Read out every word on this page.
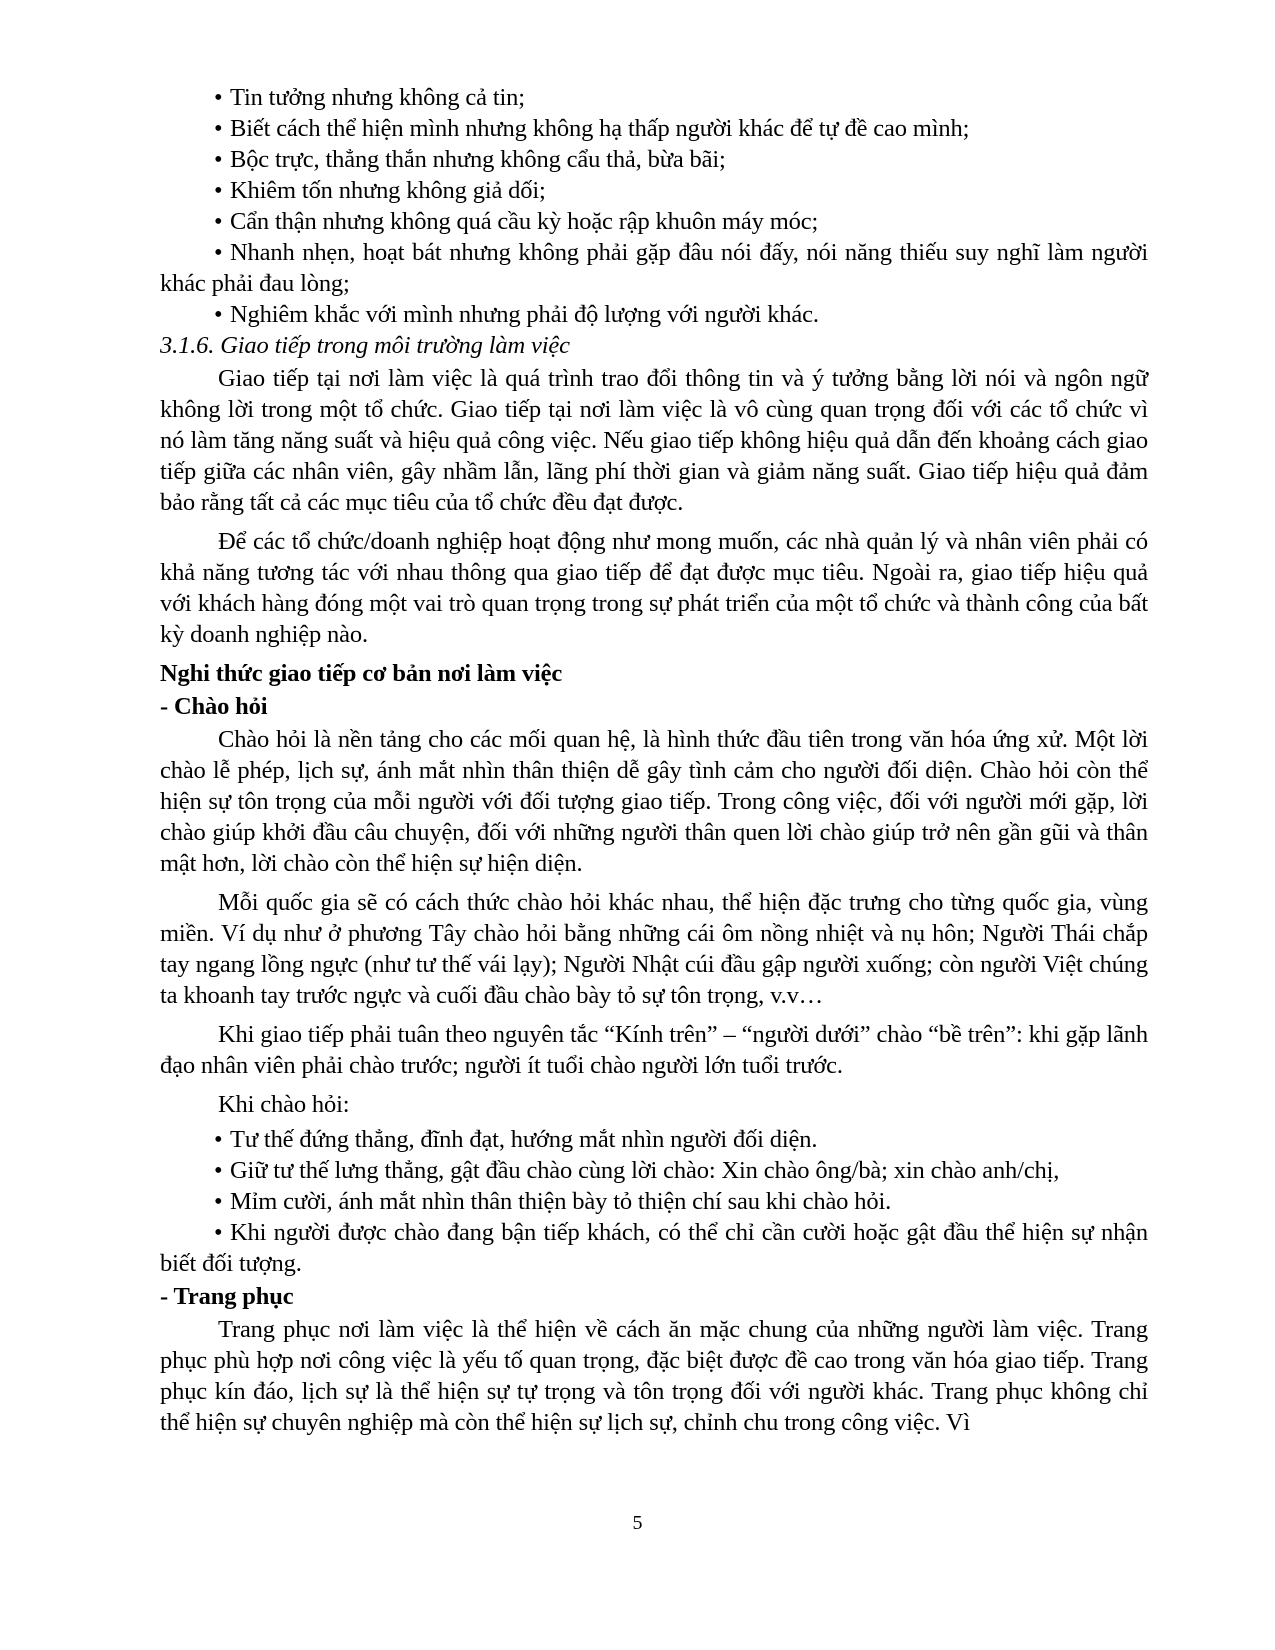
• Tin tưởng nhưng không cả tin;

• Biết cách thể hiện mình nhưng không hạ thấp người khác để tự đề cao mình;

• Bộc trực, thẳng thắn nhưng không cẩu thả, bừa bãi;

• Khiêm tốn nhưng không giả dối;

• Cẩn thận nhưng không quá cầu kỳ hoặc rập khuôn máy móc;

• Nhanh nhẹn, hoạt bát nhưng không phải gặp đâu nói đấy, nói năng thiếu suy nghĩ làm người khác phải đau lòng;

• Nghiêm khắc với mình nhưng phải độ lượng với người khác.

3.1.6. Giao tiếp trong môi trường làm việc

Giao tiếp tại nơi làm việc là quá trình trao đổi thông tin và ý tưởng bằng lời nói và ngôn ngữ không lời trong một tổ chức. Giao tiếp tại nơi làm việc là vô cùng quan trọng đối với các tổ chức vì nó làm tăng năng suất và hiệu quả công việc. Nếu giao tiếp không hiệu quả dẫn đến khoảng cách giao tiếp giữa các nhân viên, gây nhầm lẫn, lãng phí thời gian và giảm năng suất. Giao tiếp hiệu quả đảm bảo rằng tất cả các mục tiêu của tổ chức đều đạt được.

Để các tổ chức/doanh nghiệp hoạt động như mong muốn, các nhà quản lý và nhân viên phải có khả năng tương tác với nhau thông qua giao tiếp để đạt được mục tiêu. Ngoài ra, giao tiếp hiệu quả với khách hàng đóng một vai trò quan trọng trong sự phát triển của một tổ chức và thành công của bất kỳ doanh nghiệp nào.

Nghi thức giao tiếp cơ bản nơi làm việc

- Chào hỏi

Chào hỏi là nền tảng cho các mối quan hệ, là hình thức đầu tiên trong văn hóa ứng xử. Một lời chào lễ phép, lịch sự, ánh mắt nhìn thân thiện dễ gây tình cảm cho người đối diện. Chào hỏi còn thể hiện sự tôn trọng của mỗi người với đối tượng giao tiếp. Trong công việc, đối với người mới gặp, lời chào giúp khởi đầu câu chuyện, đối với những người thân quen lời chào giúp trở nên gần gũi và thân mật hơn, lời chào còn thể hiện sự hiện diện.

Mỗi quốc gia sẽ có cách thức chào hỏi khác nhau, thể hiện đặc trưng cho từng quốc gia, vùng miền. Ví dụ như ở phương Tây chào hỏi bằng những cái ôm nồng nhiệt và nụ hôn; Người Thái chắp tay ngang lồng ngực (như tư thế vái lạy); Người Nhật cúi đầu gập người xuống; còn người Việt chúng ta khoanh tay trước ngực và cuối đầu chào bày tỏ sự tôn trọng, v.v…

Khi giao tiếp phải tuân theo nguyên tắc “Kính trên” – “người dưới” chào “bề trên”: khi gặp lãnh đạo nhân viên phải chào trước; người ít tuổi chào người lớn tuổi trước.

Khi chào hỏi:

• Tư thế đứng thẳng, đĩnh đạt, hướng mắt nhìn người đối diện.

• Giữ tư thế lưng thẳng, gật đầu chào cùng lời chào: Xin chào ông/bà; xin chào anh/chị,

• Mỉm cười, ánh mắt nhìn thân thiện bày tỏ thiện chí sau khi chào hỏi.

• Khi người được chào đang bận tiếp khách, có thể chỉ cần cười hoặc gật đầu thể hiện sự nhận biết đối tượng.

- Trang phục

Trang phục nơi làm việc là thể hiện về cách ăn mặc chung của những người làm việc. Trang phục phù hợp nơi công việc là yếu tố quan trọng, đặc biệt được đề cao trong văn hóa giao tiếp. Trang phục kín đáo, lịch sự là thể hiện sự tự trọng và tôn trọng đối với người khác. Trang phục không chỉ thể hiện sự chuyên nghiệp mà còn thể hiện sự lịch sự, chỉnh chu trong công việc. Vì

5
